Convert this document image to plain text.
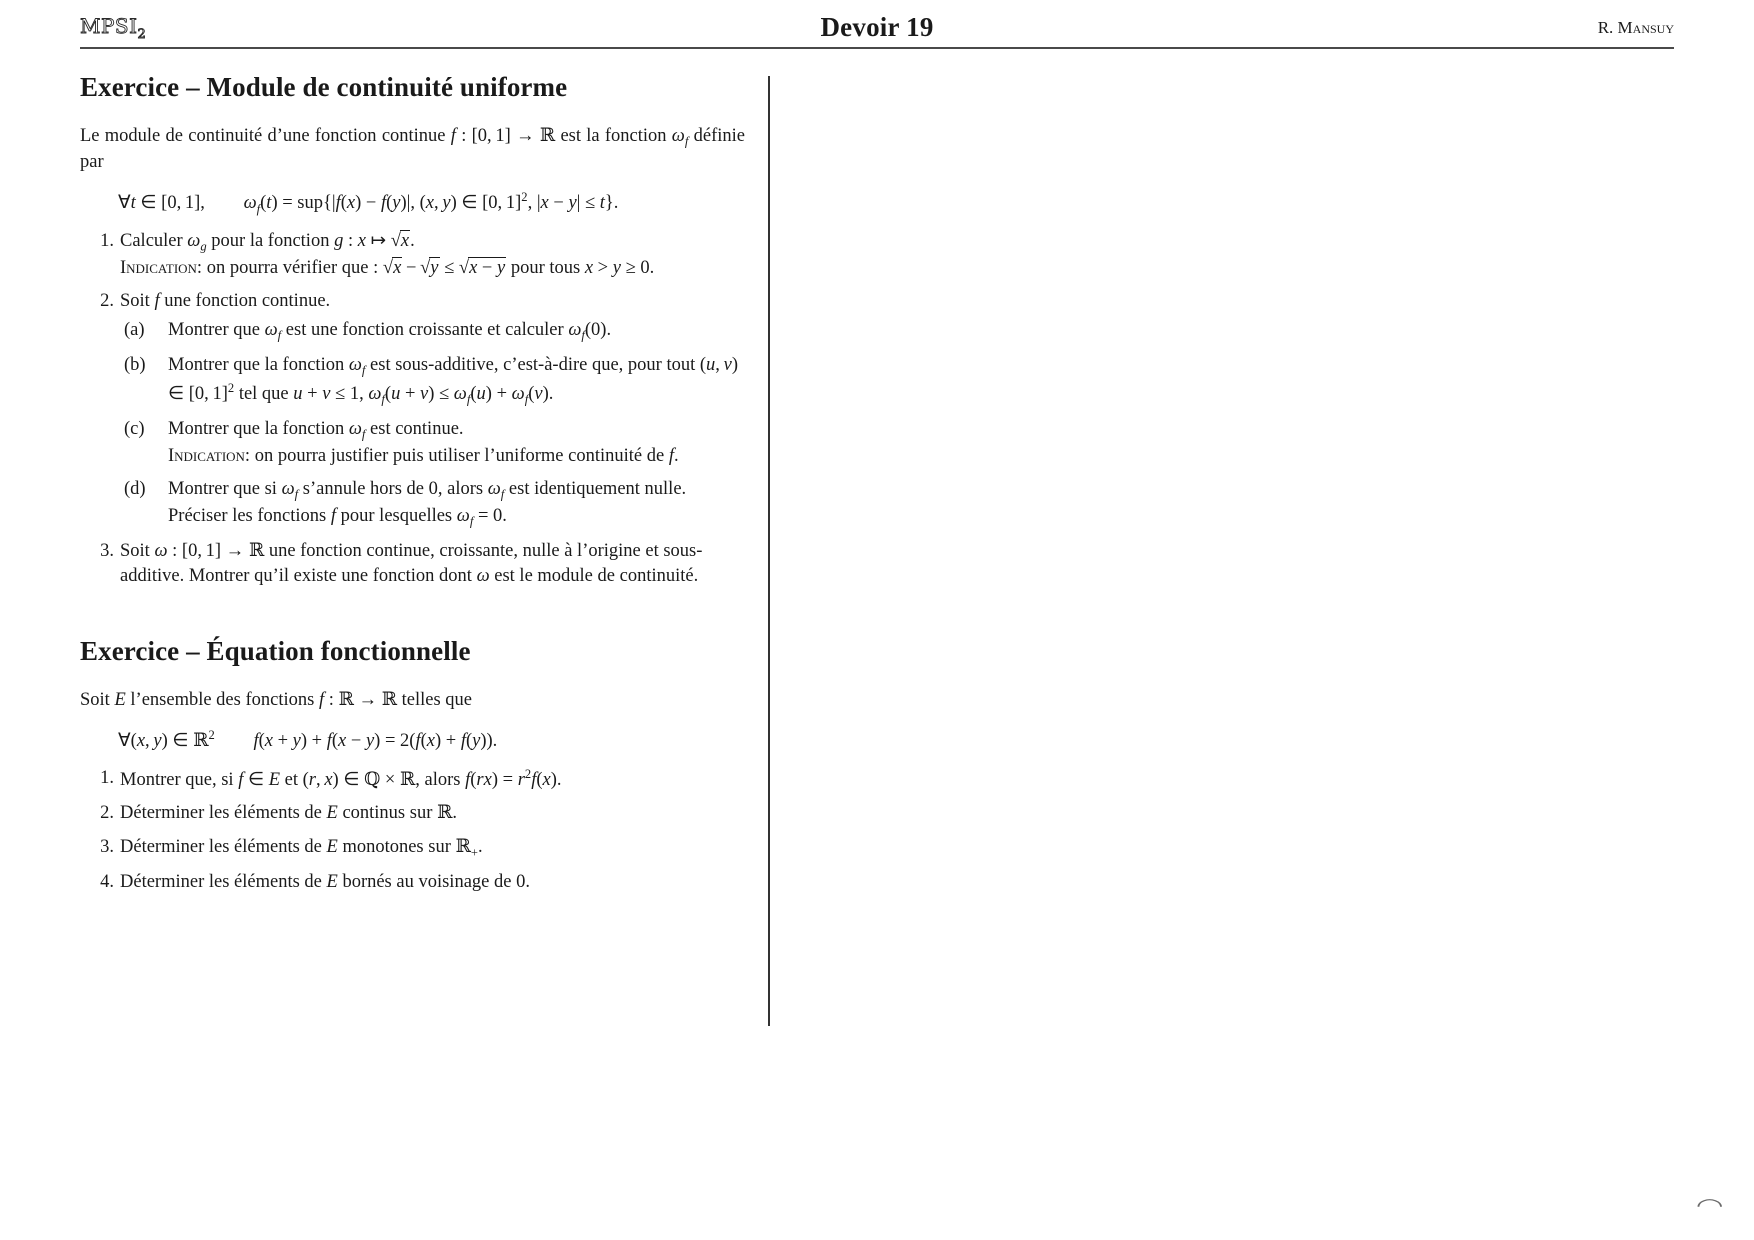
$MPSI_2$	Devoir 19	R. Mansuy
Exercice – Module de continuité uniforme

Le module de continuité d’une fonction continue f : [0, 1] → ℝ est la fonction $\omega_f$ définie par

∀t ∈ [0, 1], $\omega_f(t) = sup\{|f(x) - f(y)|$, (x, y) ∈ [0, 1]$^2$, |x − y| ≤ t}.
1. Calculer $\omega_g$ pour la fonction g : x ↦ √x.
Indication: on pourra vérifier que : √x − √y ≤ √x − y pour tous x > y ≥ 0.
2. Soit f une fonction continue.
(a)	Montrer que $\omega_f$ est une fonction croissante et calculer $\omega_f(0)$.
(b)	Montrer que la fonction $\omega_f$ est sous-additive, c’est-à-dire que, pour tout (u, v) ∈ [0, 1]$^2$ tel que u + v ≤ 1, $\omega_f(u + v) \le \omega_f(u) + \omega_f(v)$.
(c)	Montrer que la fonction $\omega_f$ est continue.
Indication: on pourra justifier puis utiliser l’uniforme continuité de f.
(d)	Montrer que si $\omega_f$ s’annule hors de 0, alors $\omega_f$ est identiquement nulle.
Préciser les fonctions f pour lesquelles $\omega_f = 0$.
3. Soit ω : [0, 1] → ℝ une fonction continue, croissante, nulle à l’origine et sous-additive. Montrer qu’il existe une fonction dont ω est le module de continuité.
Exercice – Équation fonctionnelle

Soit E l’ensemble des fonctions f : ℝ → ℝ telles que

∀(x, y) ∈ ℝ$^2$ f(x + y) + f(x − y) = 2(f(x) + f(y)).
1. Montrer que, si f ∈ E et (r, x) ∈ ℚ × ℝ, alors $f(rx) = r^2f(x)$.
2. Déterminer les éléments de E continus sur ℝ.
3. Déterminer les éléments de E monotones sur ℝ$_+$.
4. Déterminer les éléments de E bornés au voisinage de 0.
◠
